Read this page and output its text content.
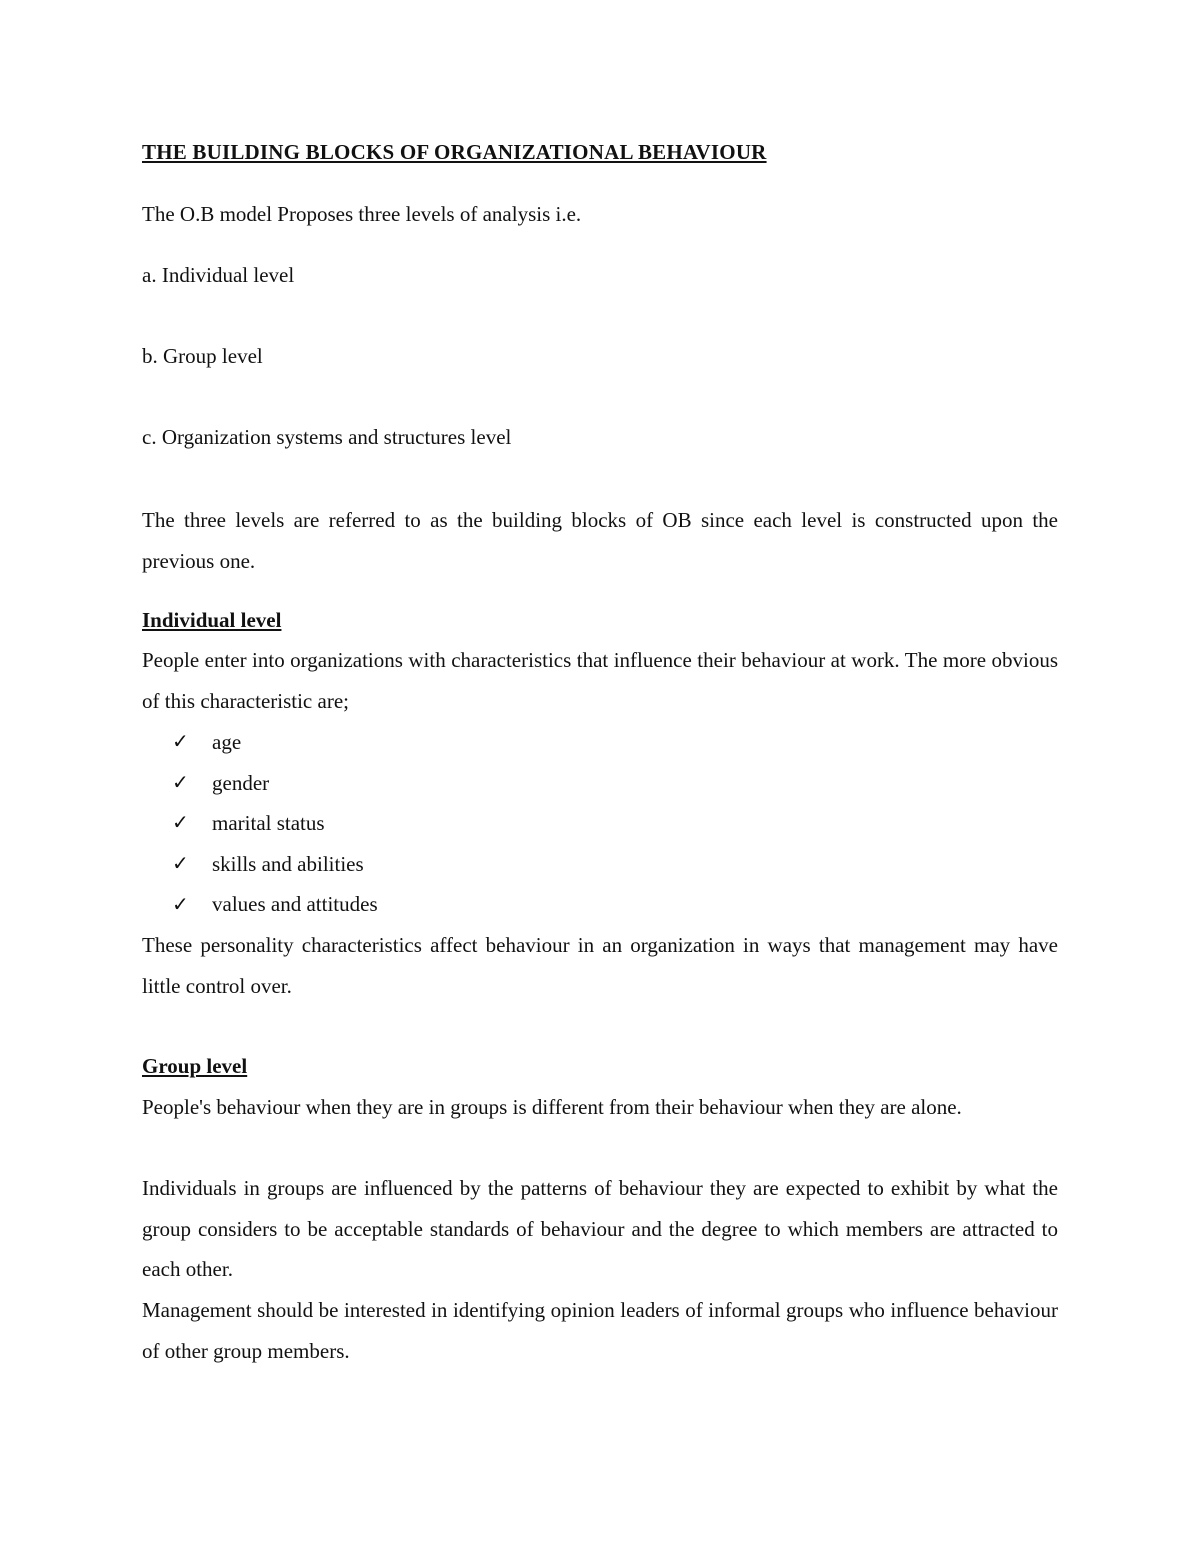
THE BUILDING BLOCKS OF ORGANIZATIONAL BEHAVIOUR

The O.B model Proposes three levels of analysis i.e.

a. Individual level

b. Group level

c. Organization systems and structures level

The three levels are referred to as the building blocks of OB since each level is constructed upon the previous one.

Individual level

People enter into organizations with characteristics that influence their behaviour at work. The more obvious of this characteristic are;

✓	age
✓	gender
✓	marital status
✓	skills and abilities
✓	values and attitudes

These personality characteristics affect behaviour in an organization in ways that management may have little control over.

Group level

People's behaviour when they are in groups is different from their behaviour when they are alone.

Individuals in groups are influenced by the patterns of behaviour they are expected to exhibit by what the group considers to be acceptable standards of behaviour and the degree to which members are attracted to each other.

Management should be interested in identifying opinion leaders of informal groups who influence behaviour of other group members.
